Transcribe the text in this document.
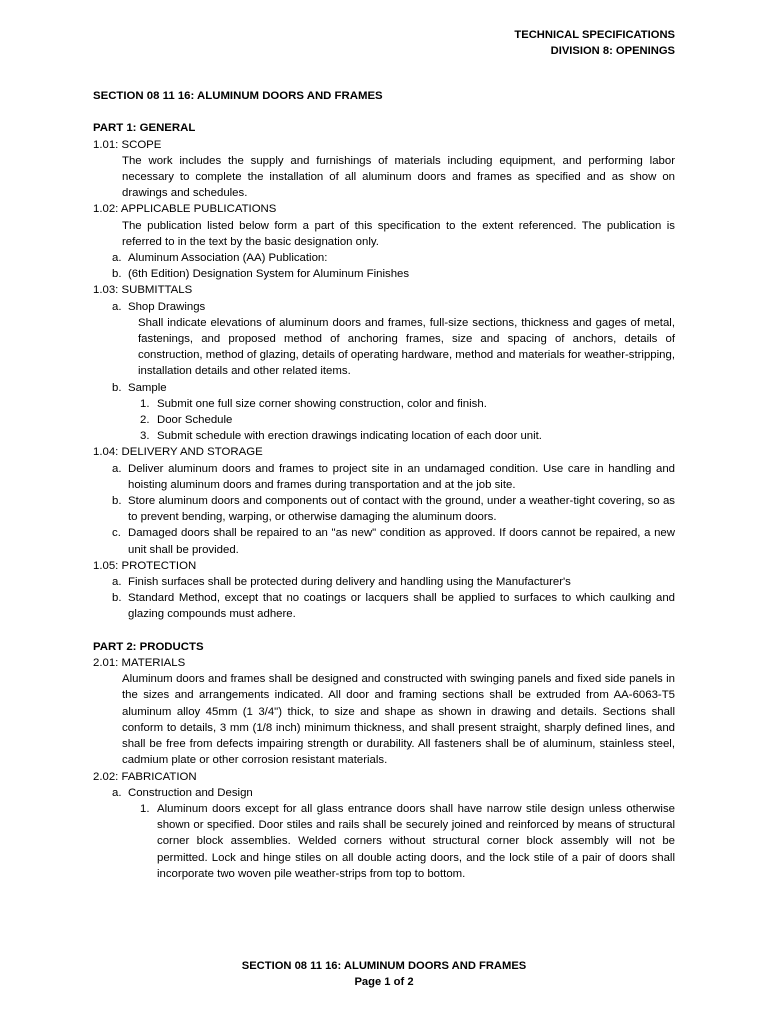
TECHNICAL SPECIFICATIONS
DIVISION 8: OPENINGS

SECTION 08 11 16: ALUMINUM DOORS AND FRAMES

PART 1: GENERAL

1.01: SCOPE

The work includes the supply and furnishings of materials including equipment, and performing labor necessary to complete the installation of all aluminum doors and frames as specified and as show on drawings and schedules.

1.02: APPLICABLE PUBLICATIONS

The publication listed below form a part of this specification to the extent referenced. The publication is referred to in the text by the basic designation only.

a. Aluminum Association (AA) Publication:
b. (6th Edition) Designation System for Aluminum Finishes

1.03: SUBMITTALS

a. Shop Drawings

Shall indicate elevations of aluminum doors and frames, full-size sections, thickness and gages of metal, fastenings, and proposed method of anchoring frames, size and spacing of anchors, details of construction, method of glazing, details of operating hardware, method and materials for weather-stripping, installation details and other related items.

b. Sample
1. Submit one full size corner showing construction, color and finish.
2. Door Schedule
3. Submit schedule with erection drawings indicating location of each door unit.

1.04: DELIVERY AND STORAGE

a. Deliver aluminum doors and frames to project site in an undamaged condition. Use care in handling and hoisting aluminum doors and frames during transportation and at the job site.
b. Store aluminum doors and components out of contact with the ground, under a weather-tight covering, so as to prevent bending, warping, or otherwise damaging the aluminum doors.
c. Damaged doors shall be repaired to an "as new" condition as approved. If doors cannot be repaired, a new unit shall be provided.

1.05: PROTECTION

a. Finish surfaces shall be protected during delivery and handling using the Manufacturer's
b. Standard Method, except that no coatings or lacquers shall be applied to surfaces to which caulking and glazing compounds must adhere.

PART 2: PRODUCTS

2.01: MATERIALS

Aluminum doors and frames shall be designed and constructed with swinging panels and fixed side panels in the sizes and arrangements indicated. All door and framing sections shall be extruded from AA-6063-T5 aluminum alloy 45mm (1 3/4") thick, to size and shape as shown in drawing and details. Sections shall conform to details, 3 mm (1/8 inch) minimum thickness, and shall present straight, sharply defined lines, and shall be free from defects impairing strength or durability. All fasteners shall be of aluminum, stainless steel, cadmium plate or other corrosion resistant materials.

2.02: FABRICATION

a. Construction and Design
1. Aluminum doors except for all glass entrance doors shall have narrow stile design unless otherwise shown or specified. Door stiles and rails shall be securely joined and reinforced by means of structural corner block assemblies. Welded corners without structural corner block assembly will not be permitted. Lock and hinge stiles on all double acting doors, and the lock stile of a pair of doors shall incorporate two woven pile weather-strips from top to bottom.
SECTION 08 11 16: ALUMINUM DOORS AND FRAMES
Page 1 of 2
